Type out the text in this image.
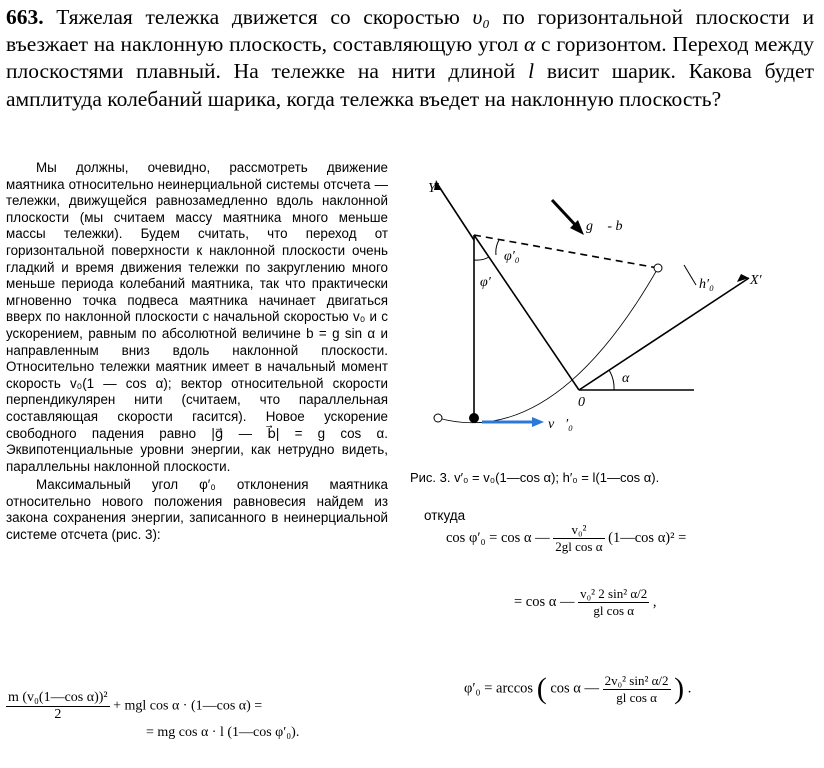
663. Тяжелая тележка движется со скоростью υ₀ по горизонтальной плоскости и въезжает на наклонную плоскость, составляющую угол α с горизонтом. Переход между плоскостями плавный. На тележке на нити длиной l висит шарик. Какова будет амплитуда колебаний шарика, когда тележка въедет на наклонную плоскость?

Мы должны, очевидно, рассмотреть движение маятника относительно неинерциальной системы отсчета — тележки, движущейся равнозамедленно вдоль наклонной плоскости (мы считаем массу маятника много меньше массы тележки). Будем считать, что переход от горизонтальной поверхности к наклонной плоскости очень гладкий и время движения тележки по закруглению много меньше периода колебаний маятника, так что практически мгновенно точка подвеса маятника начинает двигаться вверх по наклонной плоскости с начальной скоростью v₀ и с ускорением, равным по абсолютной величине b = g sin α и направленным вниз вдоль наклонной плоскости. Относительно тележки маятник имеет в начальный момент скорость v₀(1 — cos α); вектор относительной скорости перпендикулярен нити (считаем, что параллельная составляющая скорости гасится). Новое ускорение свободного падения равно |g⃗ — b⃗| = g cos α. Эквипотенциальные уровни энергии, как нетрудно видеть, параллельны наклонной плоскости.

Максимальный угол φ′₀ отклонения маятника относительно нового положения равновесия найдем из закона сохранения энергии, записанного в неинерциальной системе отсчета (рис. 3):

$\frac{\text{m (v₀(1—cos α))²}}{2}$ + mgl cos α · (1—cos α) =
= mg cos α · l (1—cos φ′₀).
Y′
X′
g⃗ - b⃗
φ′₀
φ′	h′₀
α
0
v⃗′₀
Рис. 3. v′₀ = v₀(1—cos α); h′₀ = l(1—cos α).
откуда
cos φ′₀ = cos α — $\frac{\text{v₀²}}{\text{2gl cos α}}$ (1—cos α)² =
= cos α — $\frac{\text{v₀² 2 sin² α/2}}{\text{gl cos α}}$ ,
φ′₀ = arccos ( cos α — $\frac{\text{2v₀² sin² α/2}}{\text{gl cos α}}$ ) .
